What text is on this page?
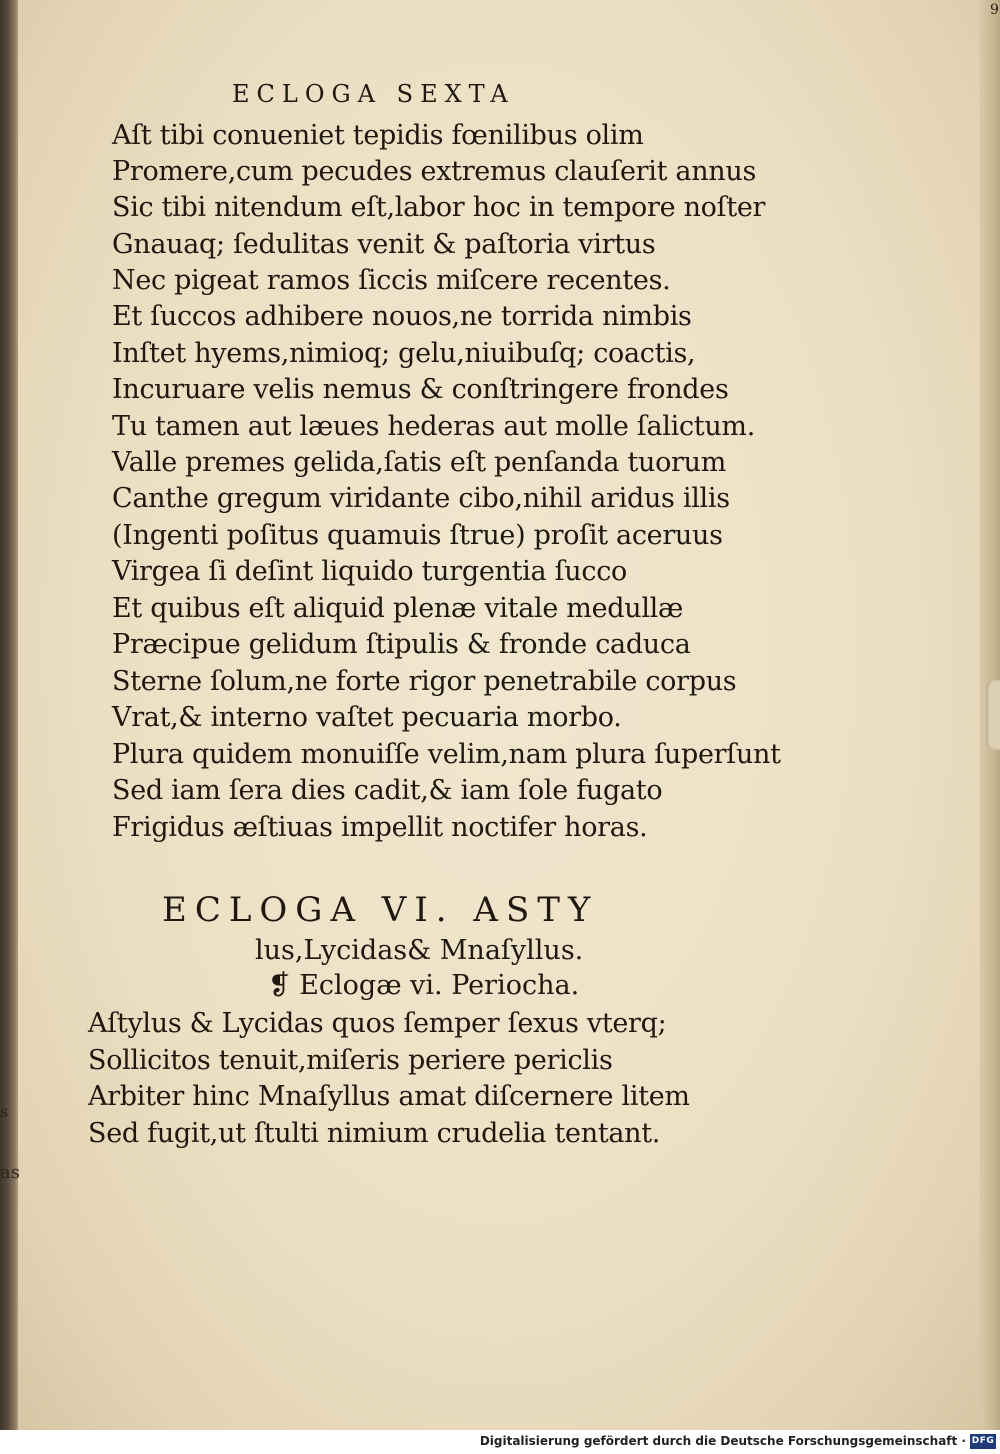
9
s
as
ECLOGA SEXTA
Aſt tibi conueniet tepidis fœnilibus olim
Promere,cum pecudes extremus clauſerit annus
Sic tibi nitendum eſt,labor hoc in tempore noſter
Gnauaq; ſedulitas venit & paſtoria virtus
Nec pigeat ramos ſiccis miſcere recentes.
Et ſuccos adhibere nouos,ne torrida nimbis
Inſtet hyems,nimioq; gelu,niuibuſq; coactis,
Incuruare velis nemus & conſtringere frondes
Tu tamen aut læues hederas aut molle ſalictum.
Valle premes gelida,ſatis eſt penſanda tuorum
Canthe gregum viridante cibo,nihil aridus illis
(Ingenti poſitus quamuis ſtrue) proſit aceruus
Virgea ſi deſint liquido turgentia ſucco
Et quibus eſt aliquid plenæ vitale medullæ
Præcipue gelidum ſtipulis & fronde caduca
Sterne ſolum,ne forte rigor penetrabile corpus
Vrat,& interno vaſtet pecuaria morbo.
Plura quidem monuiſſe velim,nam plura ſuperſunt
Sed iam ſera dies cadit,& iam ſole fugato
Frigidus æſtiuas impellit noctifer horas.
ECLOGA VI. ASTY
lus,Lycidas& Mnaſyllus.
❡ Eclogæ vi. Periocha.
Aſtylus & Lycidas quos ſemper ſexus vterq;
Sollicitos tenuit,miſeris periere periclis
Arbiter hinc Mnaſyllus amat diſcernere litem
Sed fugit,ut ſtulti nimium crudelia tentant.
Digitalisierung gefördert durch die Deutsche Forschungsgemeinschaft · DFG
